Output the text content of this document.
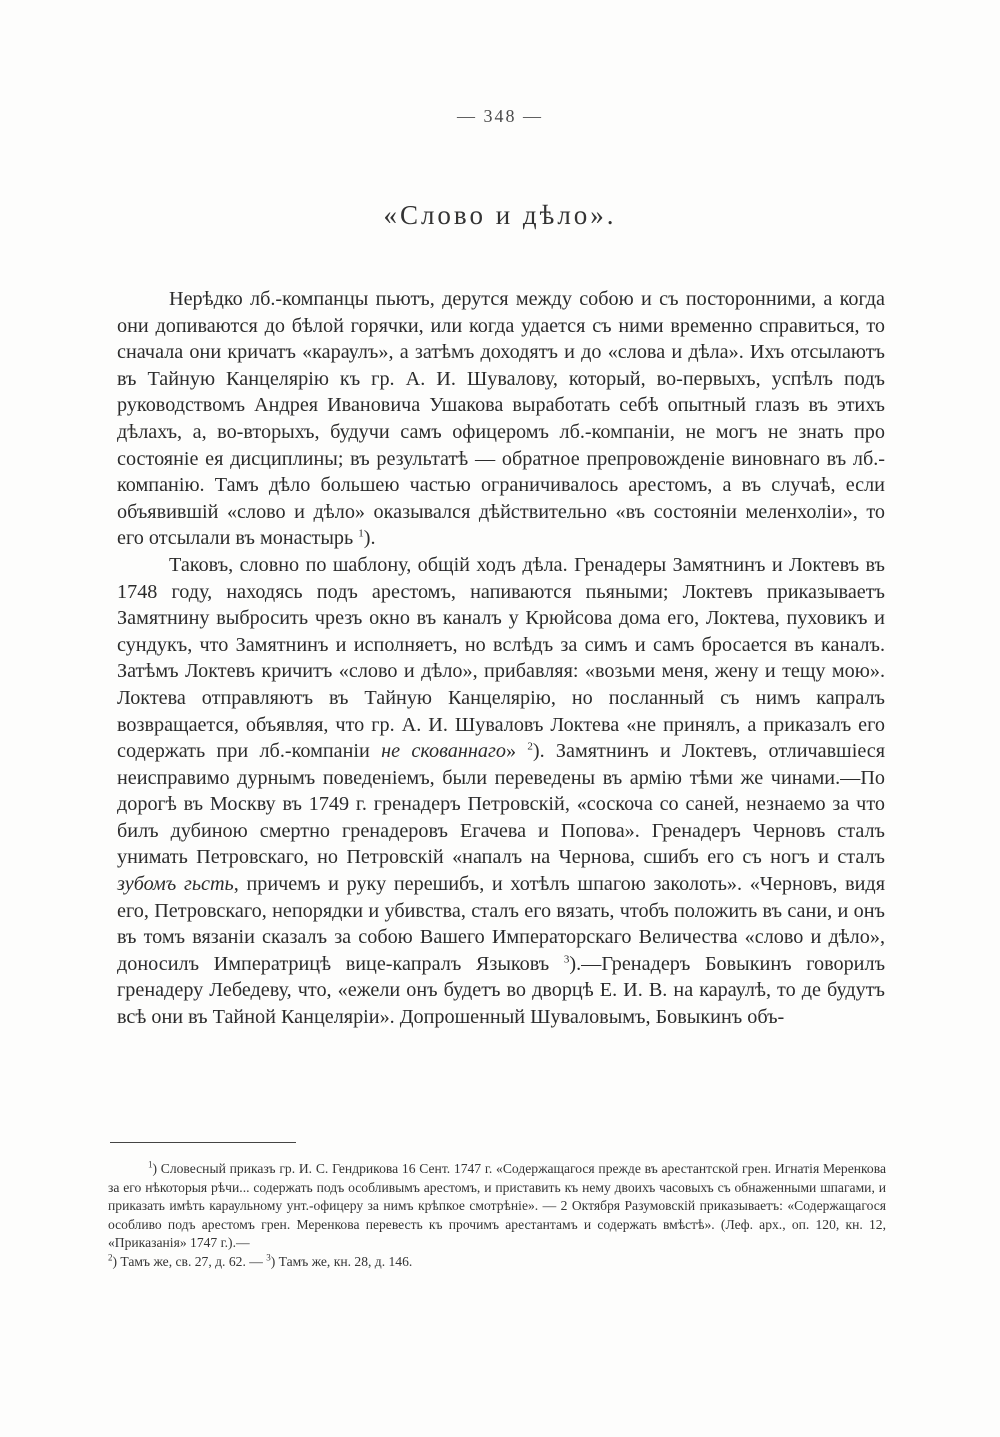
— 348 —
«Слово и дѣло».

Нерѣдко лб.-компанцы пьютъ, дерутся между собою и съ посторонними, а когда они допиваются до бѣлой горячки, или когда удается съ ними временно справиться, то сначала они кричатъ «караулъ», а затѣмъ доходятъ и до «слова и дѣла». Ихъ отсылаютъ въ Тайную Канцелярію къ гр. А. И. Шувалову, который, во-первыхъ, успѣлъ подъ руководствомъ Андрея Ивановича Ушакова выработать себѣ опытный глазъ въ этихъ дѣлахъ, а, во-вторыхъ, будучи самъ офицеромъ лб.-компаніи, не могъ не знать про состояніе ея дисциплины; въ результатѣ — обратное препровожденіе виновнаго въ лб.-компанію. Тамъ дѣло большею частью ограничивалось арестомъ, а въ случаѣ, если объявившій «слово и дѣло» оказывался дѣйствительно «въ состояніи меленхоліи», то его отсылали въ монастырь $^1$).

Таковъ, словно по шаблону, общій ходъ дѣла. Гренадеры Замятнинъ и Локтевъ въ 1748 году, находясь подъ арестомъ, напиваются пьяными; Локтевъ приказываетъ Замятнину выбросить чрезъ окно въ каналъ у Крюйсова дома его, Локтева, пуховикъ и сундукъ, что Замятнинъ и исполняетъ, но вслѣдъ за симъ и самъ бросается въ каналъ. Затѣмъ Локтевъ кричитъ «слово и дѣло», прибавляя: «возьми меня, жену и тещу мою». Локтева отправляютъ въ Тайную Канцелярію, но посланный съ нимъ капралъ возвращается, объявляя, что гр. А. И. Шуваловъ Локтева «не принялъ, а приказалъ его содержать при лб.-компаніи не скованнаго» $^2$). Замятнинъ и Локтевъ, отличавшіеся неисправимо дурнымъ поведеніемъ, были переведены въ армію тѣми же чинами.—По дорогѣ въ Москву въ 1749 г. гренадеръ Петровскій, «соскоча со саней, незнаемо за что билъ дубиною смертно гренадеровъ Егачева и Попова». Гренадеръ Черновъ сталъ унимать Петровскаго, но Петровскій «напалъ на Чернова, сшибъ его съ ногъ и сталъ зубомъ гьсть, причемъ и руку перешибъ, и хотѣлъ шпагою заколоть». «Черновъ, видя его, Петровскаго, непорядки и убивства, сталъ его вязать, чтобъ положить въ сани, и онъ въ томъ вязаніи сказалъ за собою Вашего Императорскаго Величества «слово и дѣло», доносилъ Императрицѣ вице-капралъ Языковъ $^3$).—Гренадеръ Бовыкинъ говорилъ гренадеру Лебедеву, что, «ежели онъ будетъ во дворцѣ Е. И. В. на караулѣ, то де будутъ всѣ они въ Тайной Канцеляріи». Допрошенный Шуваловымъ, Бовыкинъ объ-

$^1$) Словесный приказъ гр. И. С. Гендрикова 16 Сент. 1747 г. «Содержащагося прежде въ арестантской грен. Игнатія Меренкова за его нѣкоторыя рѣчи... содержать подъ особливымъ арестомъ, и приставить къ нему двоихъ часовыхъ съ обнаженными шпагами, и приказать имѣть караульному унт.-офицеру за нимъ крѣпкое смотрѣніе». — 2 Октября Разумовскій приказываетъ: «Содержащагося особливо подъ арестомъ грен. Меренкова перевесть къ прочимъ арестантамъ и содержать вмѣстѣ». (Леф. арх., оп. 120, кн. 12, «Приказанія» 1747 г.).—
$^2$) Тамъ же, св. 27, д. 62. — $^3$) Тамъ же, кн. 28, д. 146.
